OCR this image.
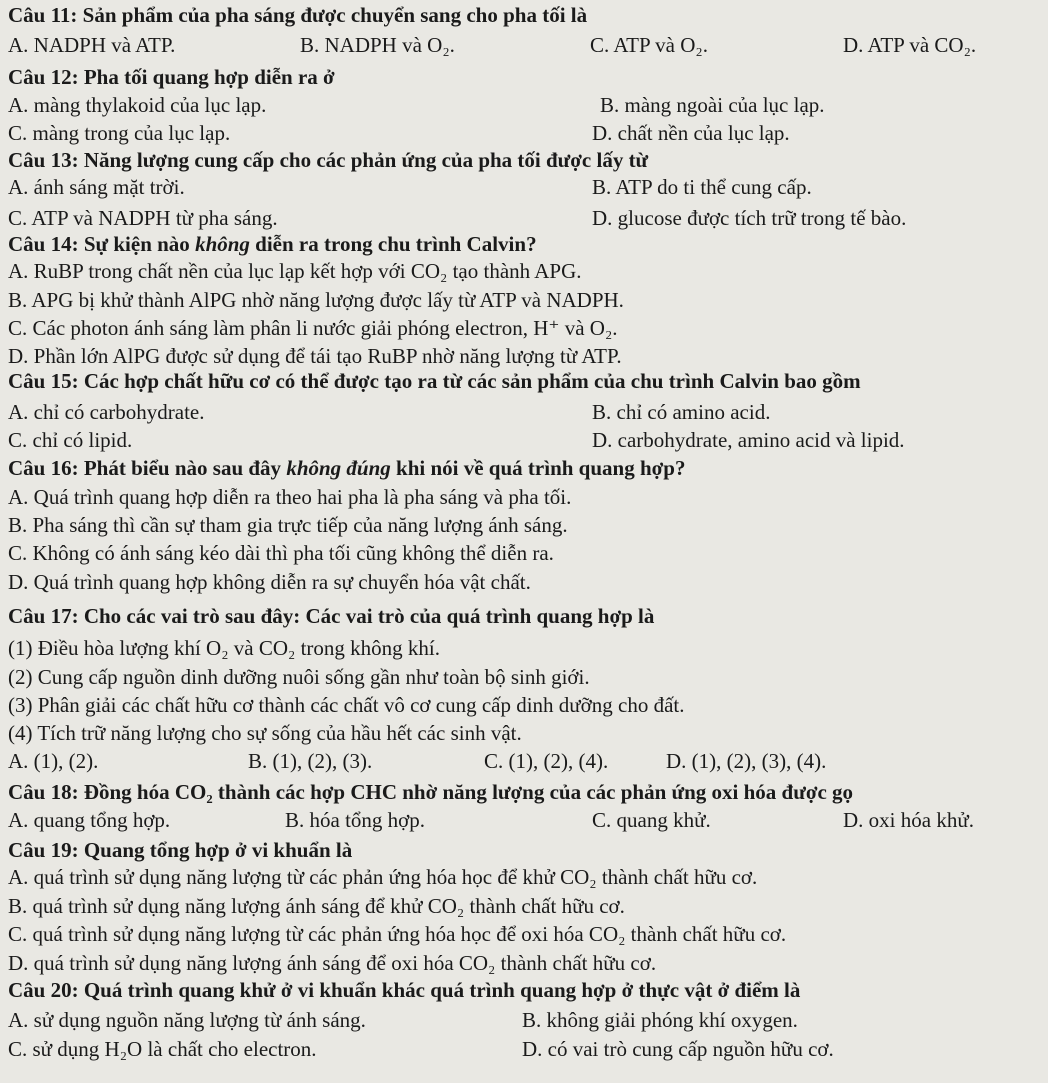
Câu 11: Sản phẩm của pha sáng được chuyển sang cho pha tối là
A. NADPH và ATP.	B. NADPH và O₂.	C. ATP và O₂.	D. ATP và CO₂.
Câu 12: Pha tối quang hợp diễn ra ở
A. màng thylakoid của lục lạp.	B. màng ngoài của lục lạp.
C. màng trong của lục lạp.	D. chất nền của lục lạp.
Câu 13: Năng lượng cung cấp cho các phản ứng của pha tối được lấy từ
A. ánh sáng mặt trời.	B. ATP do ti thể cung cấp.
C. ATP và NADPH từ pha sáng.	D. glucose được tích trữ trong tế bào.
Câu 14: Sự kiện nào không diễn ra trong chu trình Calvin?
A. RuBP trong chất nền của lục lạp kết hợp với CO₂ tạo thành APG.
B. APG bị khử thành AlPG nhờ năng lượng được lấy từ ATP và NADPH.
C. Các photon ánh sáng làm phân li nước giải phóng electron, H⁺ và O₂.
D. Phần lớn AlPG được sử dụng để tái tạo RuBP nhờ năng lượng từ ATP.
Câu 15: Các hợp chất hữu cơ có thể được tạo ra từ các sản phẩm của chu trình Calvin bao gồm
A. chỉ có carbohydrate.	B. chỉ có amino acid.
C. chỉ có lipid.	D. carbohydrate, amino acid và lipid.
Câu 16: Phát biểu nào sau đây không đúng khi nói về quá trình quang hợp?
A. Quá trình quang hợp diễn ra theo hai pha là pha sáng và pha tối.
B. Pha sáng thì cần sự tham gia trực tiếp của năng lượng ánh sáng.
C. Không có ánh sáng kéo dài thì pha tối cũng không thể diễn ra.
D. Quá trình quang hợp không diễn ra sự chuyển hóa vật chất.
Câu 17: Cho các vai trò sau đây: Các vai trò của quá trình quang hợp là
(1) Điều hòa lượng khí O₂ và CO₂ trong không khí.
(2) Cung cấp nguồn dinh dưỡng nuôi sống gần như toàn bộ sinh giới.
(3) Phân giải các chất hữu cơ thành các chất vô cơ cung cấp dinh dưỡng cho đất.
(4) Tích trữ năng lượng cho sự sống của hầu hết các sinh vật.
A. (1), (2).	B. (1), (2), (3).	C. (1), (2), (4).	D. (1), (2), (3), (4).
Câu 18: Đồng hóa CO₂ thành các hợp CHC nhờ năng lượng của các phản ứng oxi hóa được gọ
A. quang tổng hợp.	B. hóa tổng hợp.	C. quang khử.	D. oxi hóa khử.
Câu 19: Quang tổng hợp ở vi khuẩn là
A. quá trình sử dụng năng lượng từ các phản ứng hóa học để khử CO₂ thành chất hữu cơ.
B. quá trình sử dụng năng lượng ánh sáng để khử CO₂ thành chất hữu cơ.
C. quá trình sử dụng năng lượng từ các phản ứng hóa học để oxi hóa CO₂ thành chất hữu cơ.
D. quá trình sử dụng năng lượng ánh sáng để oxi hóa CO₂ thành chất hữu cơ.
Câu 20: Quá trình quang khử ở vi khuẩn khác quá trình quang hợp ở thực vật ở điểm là
A. sử dụng nguồn năng lượng từ ánh sáng.	B. không giải phóng khí oxygen.
C. sử dụng H₂O là chất cho electron.	D. có vai trò cung cấp nguồn hữu cơ.
